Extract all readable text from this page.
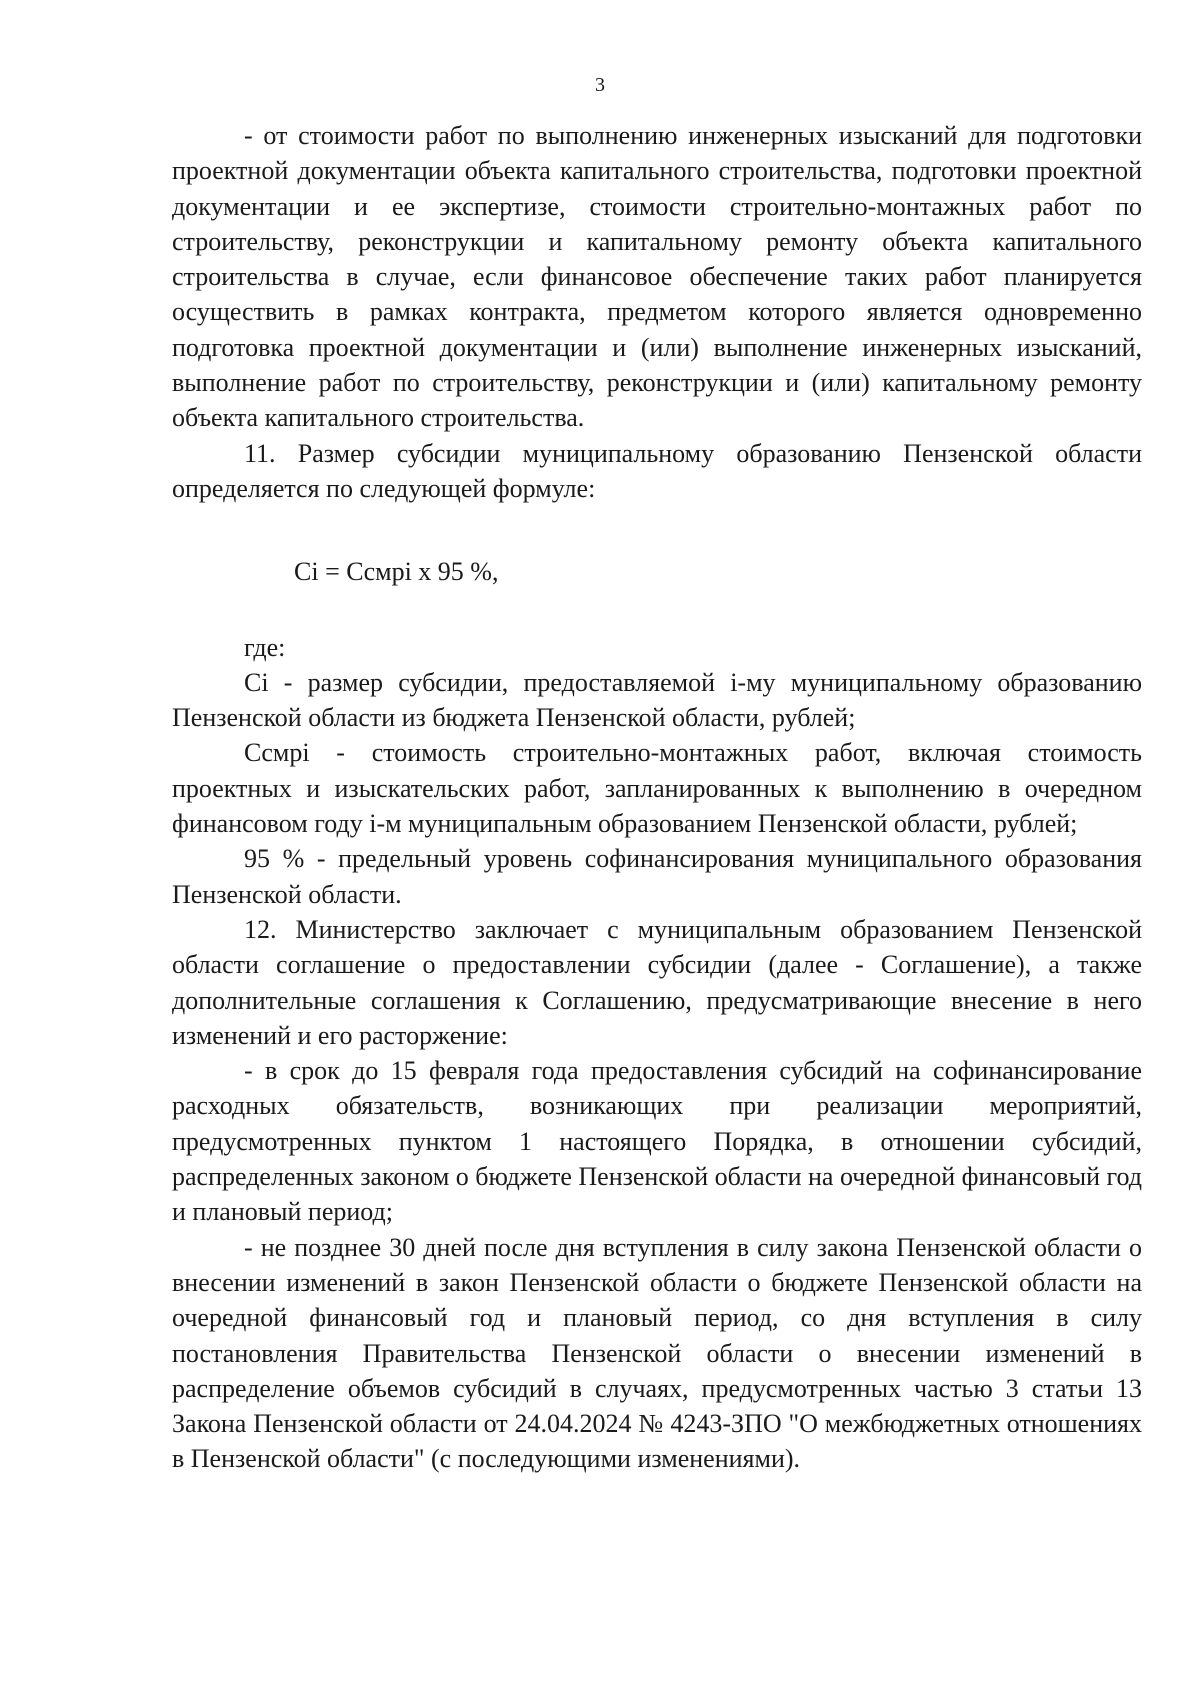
3

- от стоимости работ по выполнению инженерных изысканий для подготовки проектной документации объекта капитального строительства, подготовки проектной документации и ее экспертизе, стоимости строительно-монтажных работ по строительству, реконструкции и капитальному ремонту объекта капитального строительства в случае, если финансовое обеспечение таких работ планируется осуществить в рамках контракта, предметом которого является одновременно подготовка проектной документации и (или) выполнение инженерных изысканий, выполнение работ по строительству, реконструкции и (или) капитальному ремонту объекта капитального строительства.

11. Размер субсидии муниципальному образованию Пензенской области определяется по следующей формуле:

Ci = Ccмpi х 95 %,

где:

Ci - размер субсидии, предоставляемой i-му муниципальному образованию Пензенской области из бюджета Пензенской области, рублей;

Ccмpi - стоимость строительно-монтажных работ, включая стоимость проектных и изыскательских работ, запланированных к выполнению в очередном финансовом году i-м муниципальным образованием Пензенской области, рублей;

95 % - предельный уровень софинансирования муниципального образования Пензенской области.

12. Министерство заключает с муниципальным образованием Пензенской области соглашение о предоставлении субсидии (далее - Соглашение), а также дополнительные соглашения к Соглашению, предусматривающие внесение в него изменений и его расторжение:

- в срок до 15 февраля года предоставления субсидий на софинансирование расходных обязательств, возникающих при реализации мероприятий, предусмотренных пунктом 1 настоящего Порядка, в отношении субсидий, распределенных законом о бюджете Пензенской области на очередной финансовый год и плановый период;

- не позднее 30 дней после дня вступления в силу закона Пензенской области о внесении изменений в закон Пензенской области о бюджете Пензенской области на очередной финансовый год и плановый период, со дня вступления в силу постановления Правительства Пензенской области о внесении изменений в распределение объемов субсидий в случаях, предусмотренных частью 3 статьи 13 Закона Пензенской области от 24.04.2024 № 4243-ЗПО "О межбюджетных отношениях в Пензенской области" (с последующими изменениями).
